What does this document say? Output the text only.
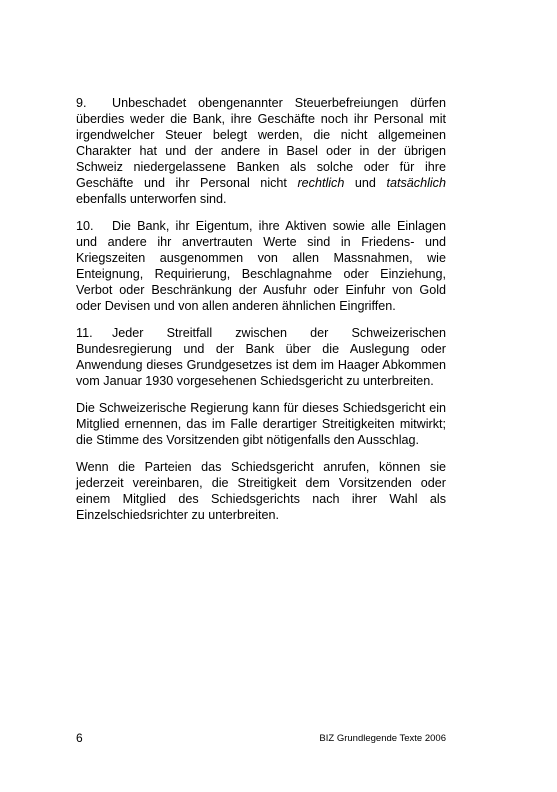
9. Unbeschadet obengenannter Steuerbefreiungen dürfen überdies weder die Bank, ihre Geschäfte noch ihr Personal mit irgendwelcher Steuer belegt werden, die nicht allgemeinen Charakter hat und der andere in Basel oder in der übrigen Schweiz niedergelassene Banken als solche oder für ihre Geschäfte und ihr Personal nicht rechtlich und tatsächlich ebenfalls unterworfen sind.

10. Die Bank, ihr Eigentum, ihre Aktiven sowie alle Einlagen und andere ihr anvertrauten Werte sind in Friedens- und Kriegszeiten ausgenommen von allen Massnahmen, wie Enteignung, Requirierung, Beschlagnahme oder Einziehung, Verbot oder Beschränkung der Ausfuhr oder Einfuhr von Gold oder Devisen und von allen anderen ähnlichen Eingriffen.

11. Jeder Streitfall zwischen der Schweizerischen Bundesregierung und der Bank über die Auslegung oder Anwendung dieses Grundgesetzes ist dem im Haager Abkommen vom Januar 1930 vorgesehenen Schiedsgericht zu unterbreiten.

Die Schweizerische Regierung kann für dieses Schiedsgericht ein Mitglied ernennen, das im Falle derartiger Streitigkeiten mitwirkt; die Stimme des Vorsitzenden gibt nötigenfalls den Ausschlag.

Wenn die Parteien das Schiedsgericht anrufen, können sie jederzeit vereinbaren, die Streitigkeit dem Vorsitzenden oder einem Mitglied des Schiedsgerichts nach ihrer Wahl als Einzelschiedsrichter zu unterbreiten.

6	BIZ Grundlegende Texte 2006
